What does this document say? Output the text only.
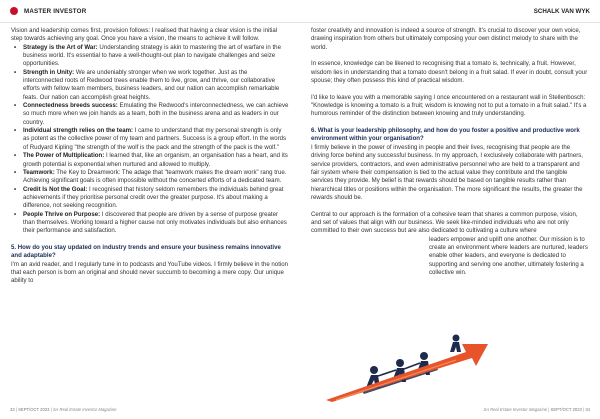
MASTER INVESTOR	SCHALK VAN WYK

Vision and leadership comes first, provision follows: I realised that having a clear vision is the initial step towards achieving any goal. Once you have a vision, the means to achieve it will follow.

• Strategy is the Art of War: Understanding strategy is akin to mastering the art of warfare in the business world. It's essential to have a well-thought-out plan to navigate challenges and seize opportunities.
• Strength in Unity: We are undeniably stronger when we work together. Just as the interconnected roots of Redwood trees enable them to live, grow, and thrive, our collaborative efforts with fellow team members, business leaders, and our nation can accomplish remarkable feats. Our nation can accomplish great heights.
• Connectedness breeds success: Emulating the Redwood's interconnectedness, we can achieve so much more when we join hands as a team, both in the business arena and as leaders in our country.
• Individual strength relies on the team: I came to understand that my personal strength is only as potent as the collective power of my team and partners. Success is a group effort. In the words of Rudyard Kipling "the strength of the wolf is the pack and the strength of the pack is the wolf."
• The Power of Multiplication: I learned that, like an organism, an organisation has a heart, and its growth potential is exponential when nurtured and allowed to multiply.
• Teamwork: The Key to Dreamwork: The adage that "teamwork makes the dream work" rang true. Achieving significant goals is often impossible without the concerted efforts of a dedicated team.
• Credit Is Not the Goal: I recognised that history seldom remembers the individuals behind great achievements if they prioritise personal credit over the greater purpose. It's about making a difference, not seeking recognition.
• People Thrive on Purpose: I discovered that people are driven by a sense of purpose greater than themselves. Working toward a higher cause not only motivates individuals but also enhances their performance and satisfaction.
5. How do you stay updated on industry trends and ensure your business remains innovative and adaptable?

I'm an avid reader, and I regularly tune in to podcasts and YouTube videos. I firmly believe in the notion that each person is born an original and should never succumb to becoming a mere copy. Our unique ability to

foster creativity and innovation is indeed a source of strength. It's crucial to discover your own voice, drawing inspiration from others but ultimately composing your own distinct melody to share with the world.

In essence, knowledge can be likened to recognising that a tomato is, technically, a fruit. However, wisdom lies in understanding that a tomato doesn't belong in a fruit salad. If ever in doubt, consult your spouse; they often possess this kind of practical wisdom.

I'd like to leave you with a memorable saying I once encountered on a restaurant wall in Stellenbosch: "Knowledge is knowing a tomato is a fruit; wisdom is knowing not to put a tomato in a fruit salad." It's a humorous reminder of the distinction between knowing and truly understanding.

6. What is your leadership philosophy, and how do you foster a positive and productive work environment within your organisation?

I firmly believe in the power of investing in people and their lives, recognising that people are the driving force behind any successful business. In my approach, I exclusively collaborate with partners, service providers, contractors, and even administrative personnel who are held to a transparent and fair system where their compensation is tied to the actual value they contribute and the tangible services they provide. My belief is that rewards should be based on tangible results rather than hierarchical titles or positions within the organisation. The more significant the results, the greater the rewards should be.

Central to our approach is the formation of a cohesive team that shares a common purpose, vision, and set of values that align with our business. We seek like-minded individuals who are not only committed to their own success but are also dedicated to cultivating a culture where

leaders empower and uplift one another. Our mission is to create an environment where leaders are nurtured, leaders enable other leaders, and everyone is dedicated to supporting and serving one another, ultimately fostering a collective win.

33 | SEPT/OCT 2023 | SA Real Estate Investor Magazine	SA Real Estate Investor Magazine | SEPT/OCT 2023 | 34
